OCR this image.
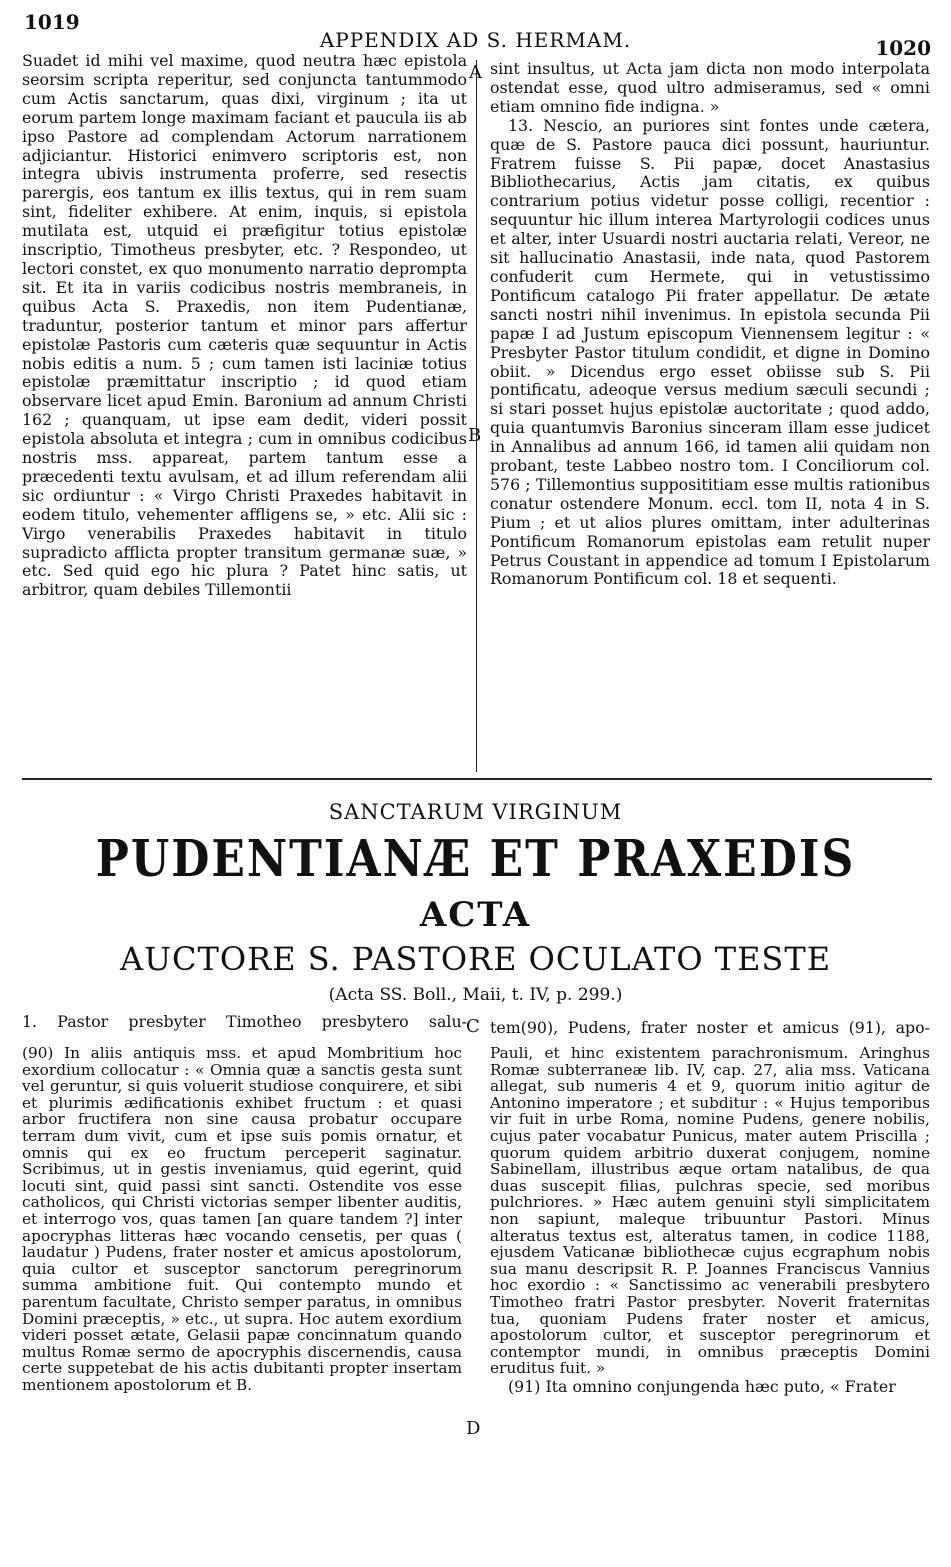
1019
APPENDIX AD S. HERMAM.	1020
A
B
C
D

Suadet id mihi vel maxime, quod neutra hæc epistola seorsim scripta reperitur, sed conjuncta tantummodo cum Actis sanctarum, quas dixi, virginum ; ita ut eorum partem longe maximam faciant et paucula iis ab ipso Pastore ad complendam Actorum narrationem adjiciantur. Historici enimvero scriptoris est, non integra ubivis instrumenta proferre, sed resectis parergis, eos tantum ex illis textus, qui in rem suam sint, fideliter exhibere. At enim, inquis, si epistola mutilata est, utquid ei præfigitur totius epistolæ inscriptio, Timotheus presbyter, etc. ? Respondeo, ut lectori constet, ex quo monumento narratio deprompta sit. Et ita in variis codicibus nostris membraneis, in quibus Acta S. Praxedis, non item Pudentianæ, traduntur, posterior tantum et minor pars affertur epistolæ Pastoris cum cæteris quæ sequuntur in Actis nobis editis a num. 5 ; cum tamen isti laciniæ totius epistolæ præmittatur inscriptio ; id quod etiam observare licet apud Emin. Baronium ad annum Christi 162 ; quanquam, ut ipse eam dedit, videri possit epistola absoluta et integra ; cum in omnibus codicibus nostris mss. appareat, partem tantum esse a præcedenti textu avulsam, et ad illum referendam alii sic ordiuntur : « Virgo Christi Praxedes habitavit in eodem titulo, vehementer affligens se, » etc. Alii sic : Virgo venerabilis Praxedes habitavit in titulo supradicto afflicta propter transitum germanæ suæ, » etc. Sed quid ego hic plura ? Patet hinc satis, ut arbitror, quam debiles Tillemontii

sint insultus, ut Acta jam dicta non modo interpolata ostendat esse, quod ultro admiseramus, sed « omni etiam omnino fide indigna. »

13. Nescio, an puriores sint fontes unde cætera, quæ de S. Pastore pauca dici possunt, hauriuntur. Fratrem fuisse S. Pii papæ, docet Anastasius Bibliothecarius, Actis jam citatis, ex quibus contrarium potius videtur posse colligi, recentior : sequuntur hic illum interea Martyrologii codices unus et alter, inter Usuardi nostri auctaria relati, Vereor, ne sit hallucinatio Anastasii, inde nata, quod Pastorem confuderit cum Hermete, qui in vetustissimo Pontificum catalogo Pii frater appellatur. De ætate sancti nostri nihil invenimus. In epistola secunda Pii papæ I ad Justum episcopum Viennensem legitur : « Presbyter Pastor titulum condidit, et digne in Domino obiit. » Dicendus ergo esset obiisse sub S. Pii pontificatu, adeoque versus medium sæculi secundi ; si stari posset hujus epistolæ auctoritate ; quod addo, quia quantumvis Baronius sinceram illam esse judicet in Annalibus ad annum 166, id tamen alii quidam non probant, teste Labbeo nostro tom. I Conciliorum col. 576 ; Tillemontius supposititiam esse multis rationibus conatur ostendere Monum. eccl. tom II, nota 4 in S. Pium ; et ut alios plures omittam, inter adulterinas Pontificum Romanorum epistolas eam retulit nuper Petrus Coustant in appendice ad tomum I Epistolarum Romanorum Pontificum col. 18 et sequenti.

SANCTARUM VIRGINUM
PUDENTIANÆ ET PRAXEDIS
ACTA
AUCTORE S. PASTORE OCULATO TESTE
(Acta SS. Boll., Maii, t. IV, p. 299.)
1. Pastor presbyter Timotheo presbytero salu- tem(90), Pudens, frater noster et amicus (91), apo-

(90) In aliis antiquis mss. et apud Mombritium hoc exordium collocatur : « Omnia quæ a sanctis gesta sunt vel geruntur, si quis voluerit studiose conquirere, et sibi et plurimis ædificationis exhibet fructum : et quasi arbor fructifera non sine causa probatur occupare terram dum vivit, cum et ipse suis pomis ornatur, et omnis qui ex eo fructum perceperit saginatur. Scribimus, ut in gestis inveniamus, quid egerint, quid locuti sint, quid passi sint sancti. Ostendite vos esse catholicos, qui Christi victorias semper libenter auditis, et interrogo vos, quas tamen [an quare tandem ?] inter apocryphas litteras hæc vocando censetis, per quas ( laudatur ) Pudens, frater noster et amicus apostolorum, quia cultor et susceptor sanctorum peregrinorum summa ambitione fuit. Qui contempto mundo et parentum facultate, Christo semper paratus, in omnibus Domini præceptis, » etc., ut supra. Hoc autem exordium videri posset ætate, Gelasii papæ concinnatum quando multus Romæ sermo de apocryphis discernendis, causa certe suppetebat de his actis dubitanti propter insertam mentionem apostolorum et B.

Pauli, et hinc existentem parachronismum. Aringhus Romæ subterraneæ lib. IV, cap. 27, alia mss. Vaticana allegat, sub numeris 4 et 9, quorum initio agitur de Antonino imperatore ; et subditur : « Hujus temporibus vir fuit in urbe Roma, nomine Pudens, genere nobilis, cujus pater vocabatur Punicus, mater autem Priscilla ; quorum quidem arbitrio duxerat conjugem, nomine Sabinellam, illustribus æque ortam natalibus, de qua duas suscepit filias, pulchras specie, sed moribus pulchriores. » Hæc autem genuini styli simplicitatem non sapiunt, maleque tribuuntur Pastori. Minus alteratus textus est, alteratus tamen, in codice 1188, ejusdem Vaticanæ bibliothecæ cujus ecgraphum nobis sua manu descripsit R. P. Joannes Franciscus Vannius hoc exordio : « Sanctissimo ac venerabili presbytero Timotheo fratri Pastor presbyter. Noverit fraternitas tua, quoniam Pudens frater noster et amicus, apostolorum cultor, et susceptor peregrinorum et contemptor mundi, in omnibus præceptis Domini eruditus fuit. »

(91) Ita omnino conjungenda hæc puto, « Frater
